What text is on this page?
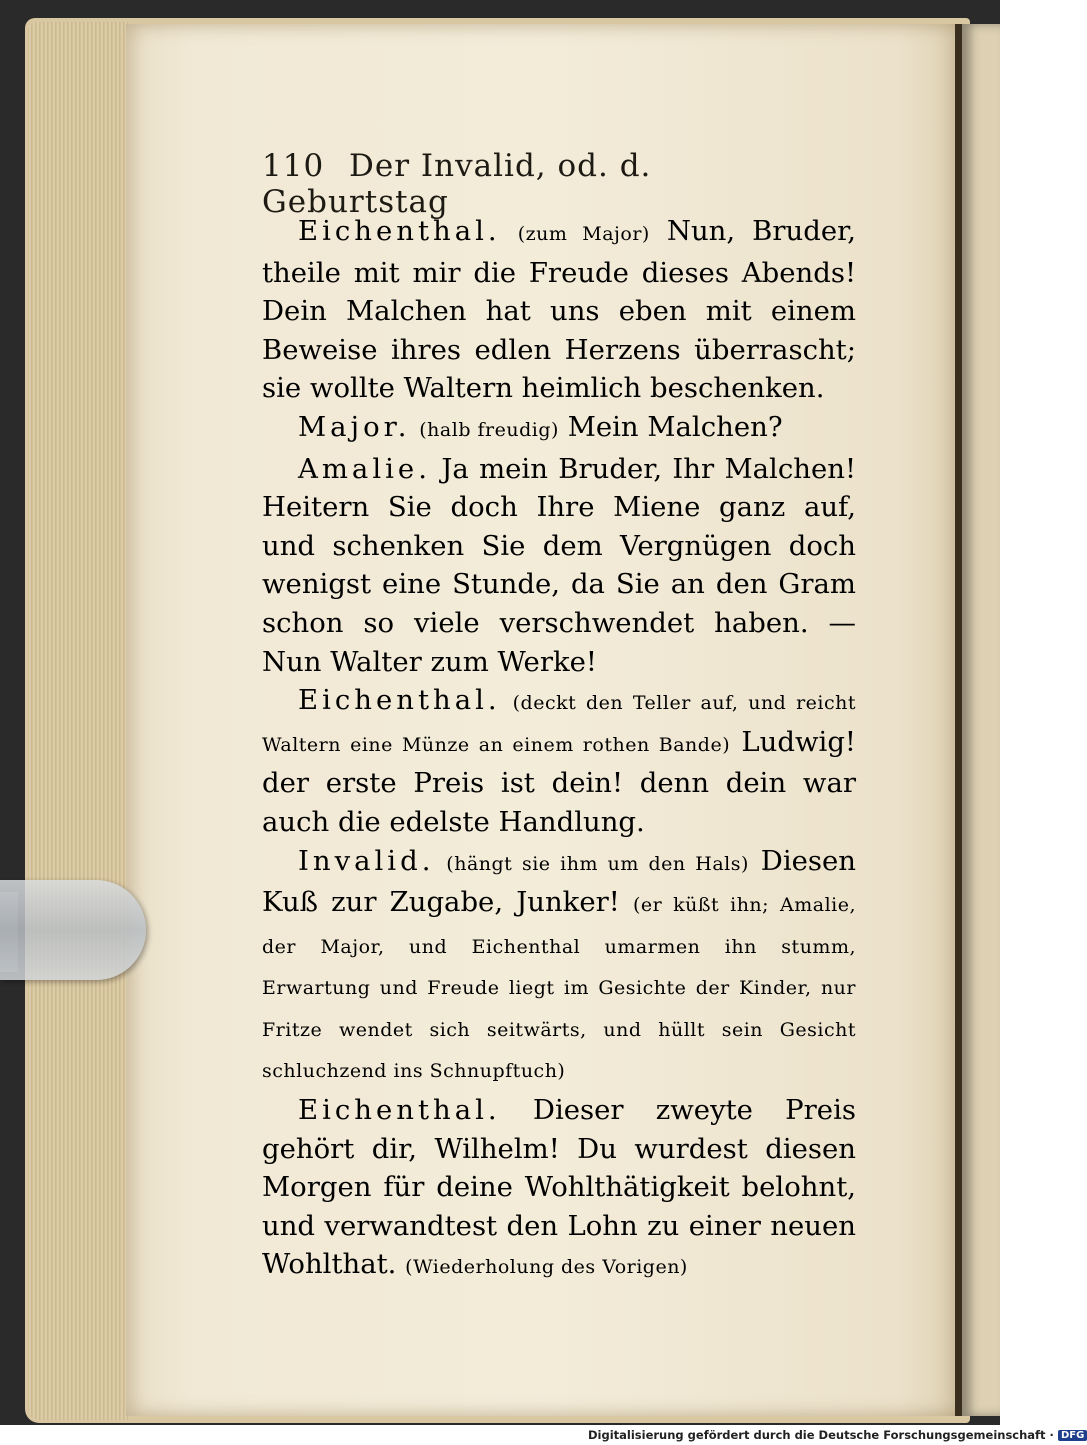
110 Der Invalid, od. d. Geburtstag

Eichenthal. (zum Major) Nun, Bruder, theile mit mir die Freude dieses Abends! Dein Malchen hat uns eben mit einem Beweise ihres edlen Herzens überrascht; sie wollte Waltern heimlich beschenken.

Major. (halb freudig) Mein Malchen?

Amalie. Ja mein Bruder, Ihr Malchen! Heitern Sie doch Ihre Miene ganz auf, und schenken Sie dem Vergnügen doch wenigst eine Stunde, da Sie an den Gram schon so viele verschwendet haben. — Nun Walter zum Werke!

Eichenthal. (deckt den Teller auf, und reicht Waltern eine Münze an einem rothen Bande) Ludwig! der erste Preis ist dein! denn dein war auch die edelste Handlung.

Invalid. (hängt sie ihm um den Hals) Diesen Kuß zur Zugabe, Junker! (er küßt ihn; Amalie, der Major, und Eichenthal umarmen ihn stumm, Erwartung und Freude liegt im Gesichte der Kinder, nur Fritze wendet sich seitwärts, und hüllt sein Gesicht schluchzend ins Schnupftuch)

Eichenthal. Dieser zweyte Preis gehört dir, Wilhelm! Du wurdest diesen Morgen für deine Wohlthätigkeit belohnt, und verwandtest den Lohn zu einer neuen Wohlthat. (Wiederholung des Vorigen)

Digitalisierung gefördert durch die Deutsche Forschungsgemeinschaft · DFG
